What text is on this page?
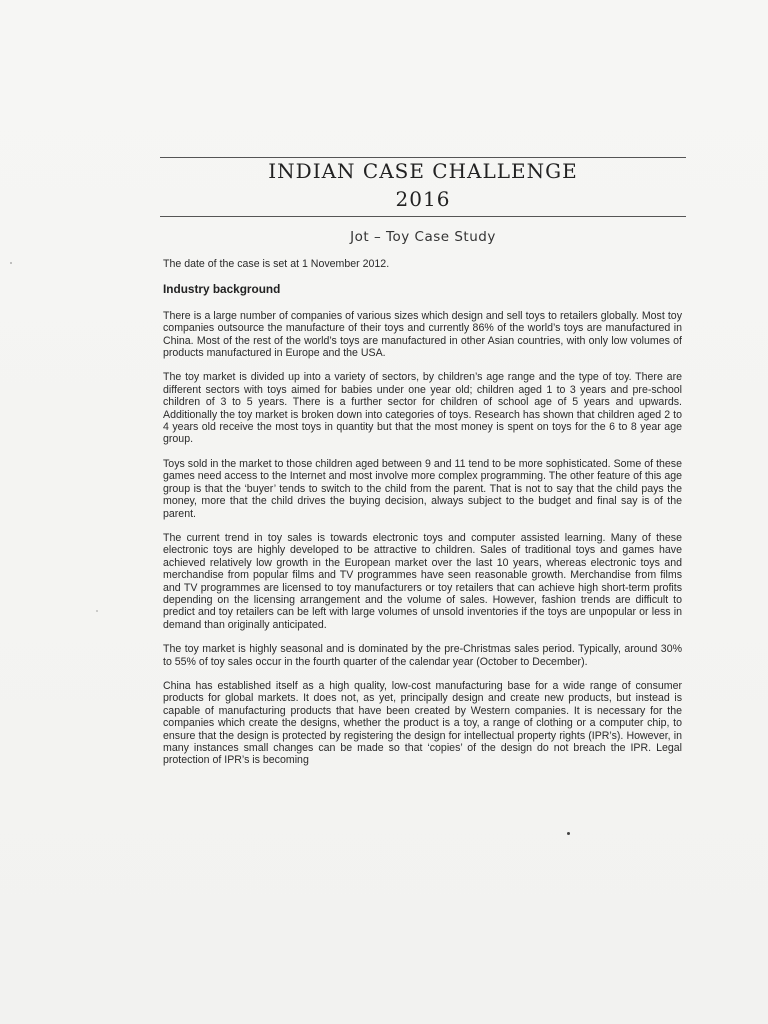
INDIAN CASE CHALLENGE
2016
Jot – Toy Case Study

The date of the case is set at 1 November 2012.

Industry background

There is a large number of companies of various sizes which design and sell toys to retailers globally. Most toy companies outsource the manufacture of their toys and currently 86% of the world’s toys are manufactured in China. Most of the rest of the world’s toys are manufactured in other Asian countries, with only low volumes of products manufactured in Europe and the USA.

The toy market is divided up into a variety of sectors, by children’s age range and the type of toy. There are different sectors with toys aimed for babies under one year old; children aged 1 to 3 years and pre-school children of 3 to 5 years. There is a further sector for children of school age of 5 years and upwards. Additionally the toy market is broken down into categories of toys. Research has shown that children aged 2 to 4 years old receive the most toys in quantity but that the most money is spent on toys for the 6 to 8 year age group.

Toys sold in the market to those children aged between 9 and 11 tend to be more sophisticated. Some of these games need access to the Internet and most involve more complex programming. The other feature of this age group is that the ‘buyer’ tends to switch to the child from the parent. That is not to say that the child pays the money, more that the child drives the buying decision, always subject to the budget and final say is of the parent.

The current trend in toy sales is towards electronic toys and computer assisted learning. Many of these electronic toys are highly developed to be attractive to children. Sales of traditional toys and games have achieved relatively low growth in the European market over the last 10 years, whereas electronic toys and merchandise from popular films and TV programmes have seen reasonable growth. Merchandise from films and TV programmes are licensed to toy manufacturers or toy retailers that can achieve high short-term profits depending on the licensing arrangement and the volume of sales. However, fashion trends are difficult to predict and toy retailers can be left with large volumes of unsold inventories if the toys are unpopular or less in demand than originally anticipated.

The toy market is highly seasonal and is dominated by the pre-Christmas sales period. Typically, around 30% to 55% of toy sales occur in the fourth quarter of the calendar year (October to December).

China has established itself as a high quality, low-cost manufacturing base for a wide range of consumer products for global markets. It does not, as yet, principally design and create new products, but instead is capable of manufacturing products that have been created by Western companies. It is necessary for the companies which create the designs, whether the product is a toy, a range of clothing or a computer chip, to ensure that the design is protected by registering the design for intellectual property rights (IPR’s). However, in many instances small changes can be made so that ‘copies’ of the design do not breach the IPR. Legal protection of IPR’s is becoming
